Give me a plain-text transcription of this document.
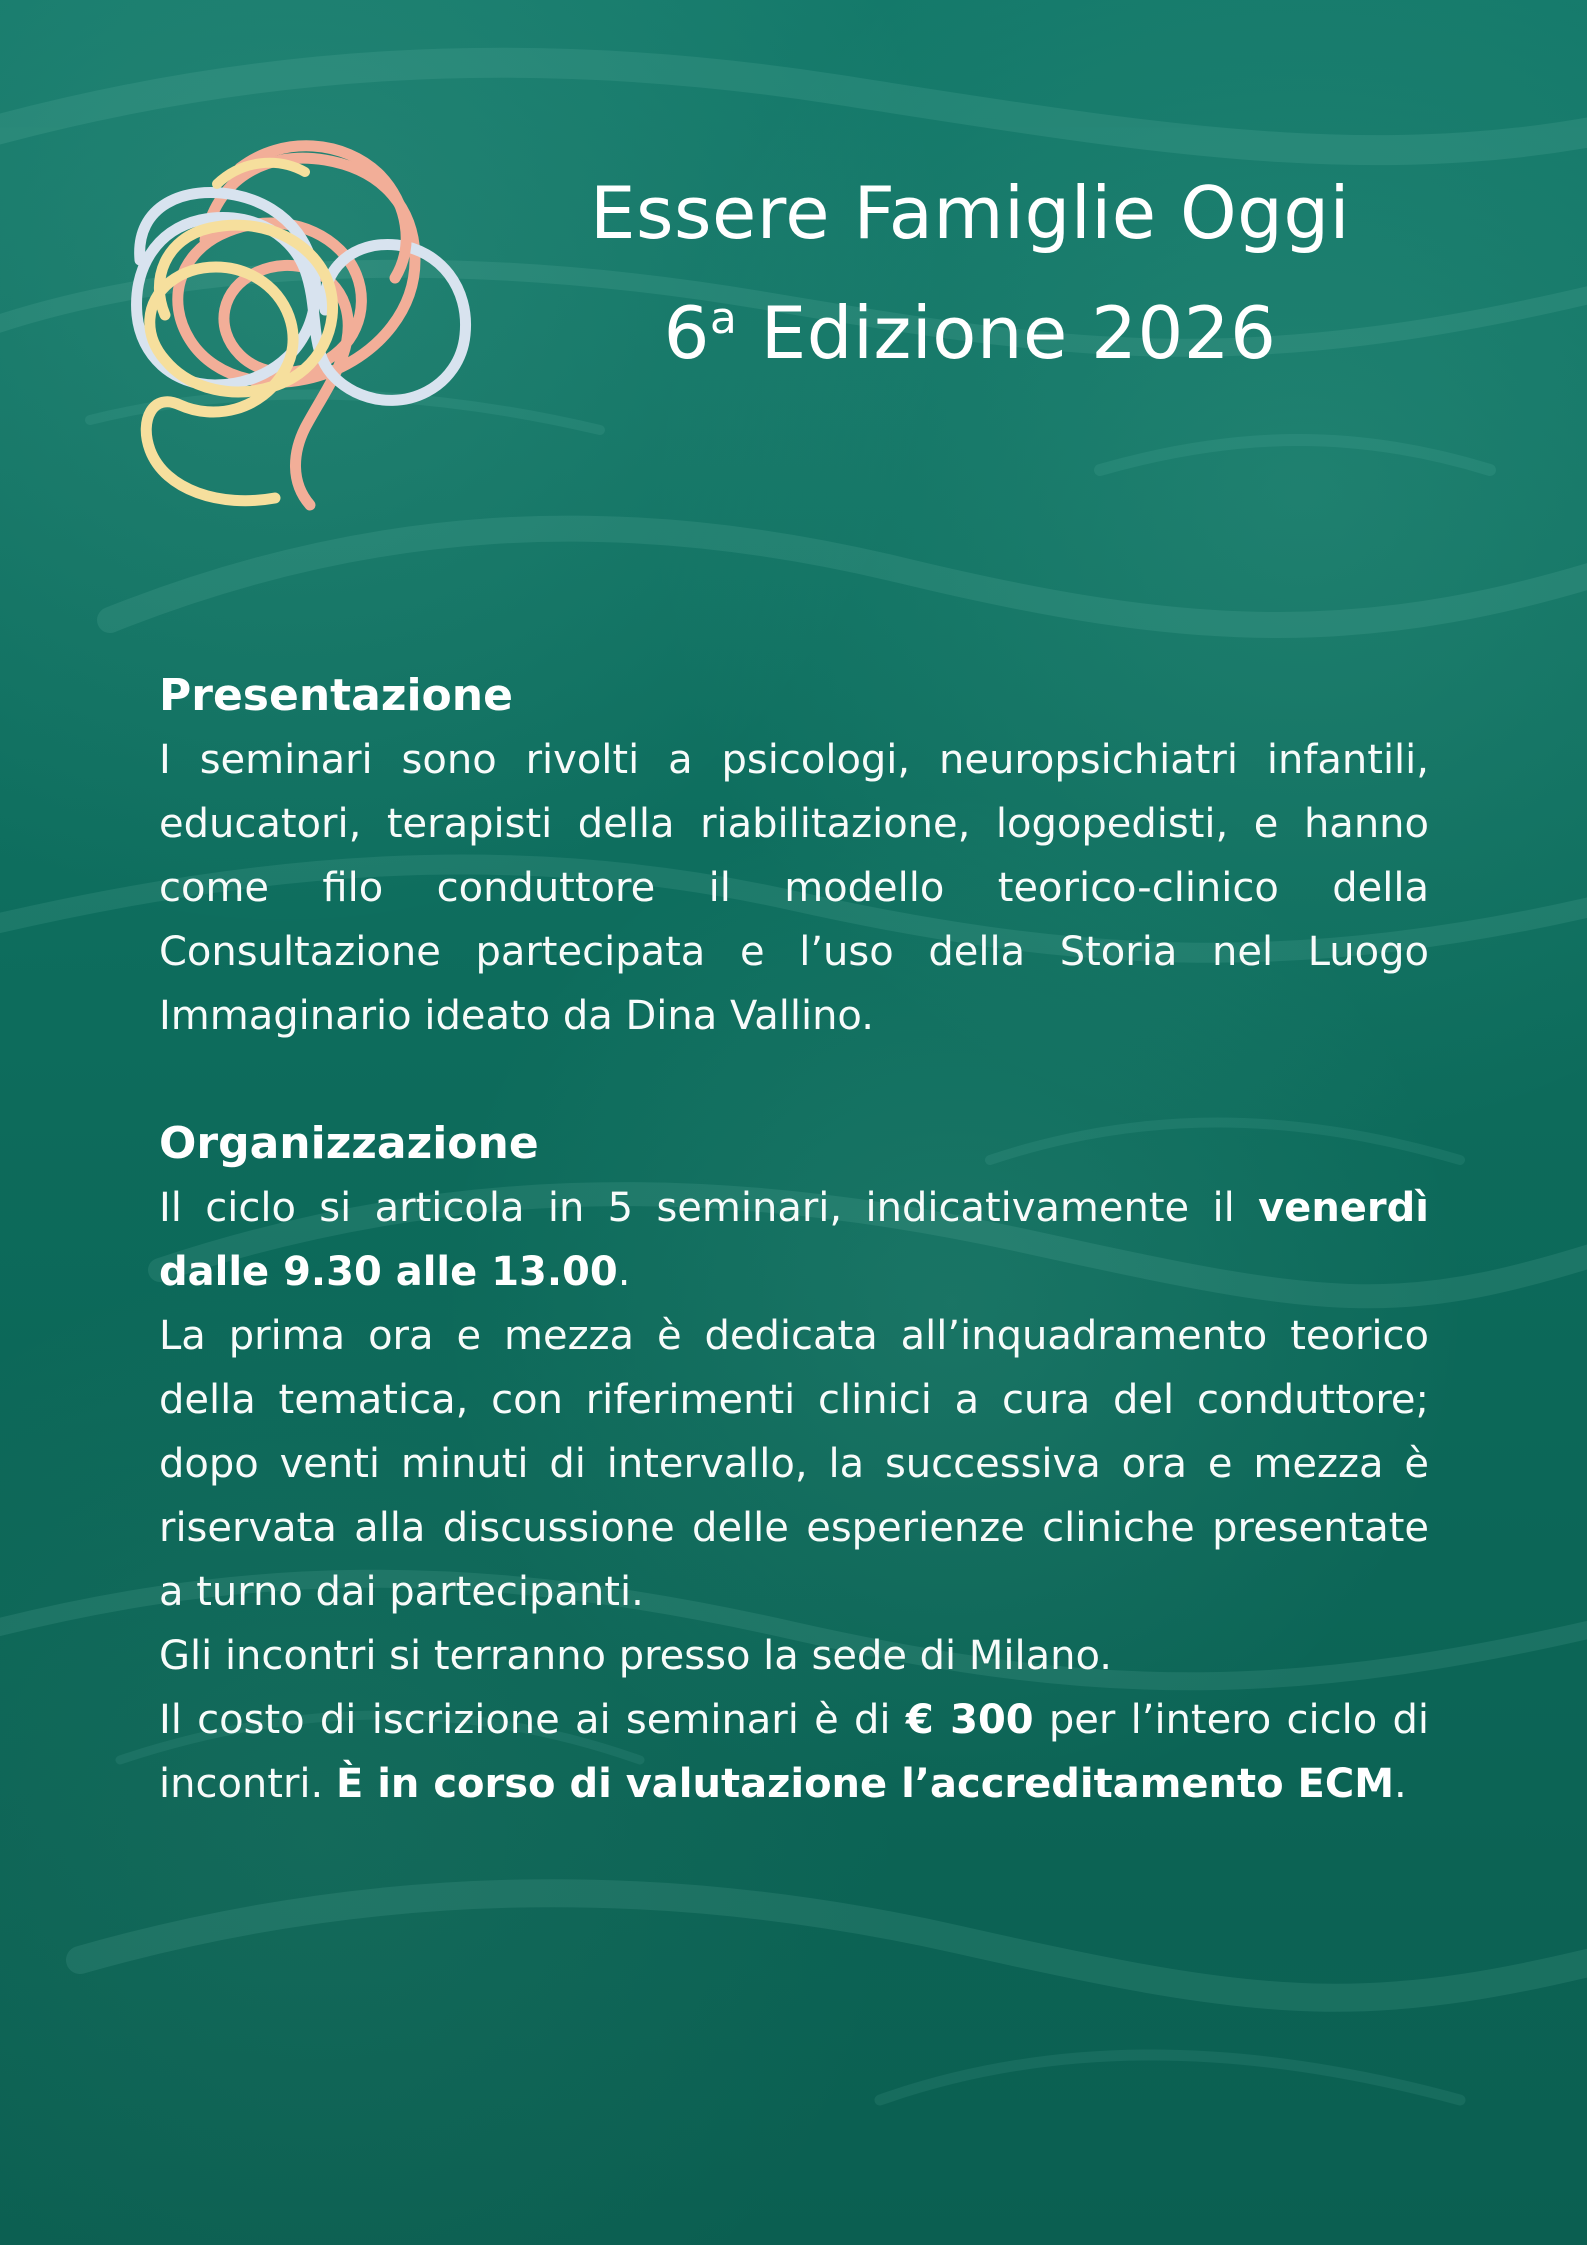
Essere Famiglie Oggi

6$^a$ Edizione 2026

Presentazione

I seminari sono rivolti a psicologi, neuropsichiatri infantili, educatori, terapisti della riabilitazione, logopedisti, e hanno come filo conduttore il modello teorico-clinico della Consultazione partecipata e l’uso della Storia nel Luogo Immaginario ideato da Dina Vallino.

Organizzazione

Il ciclo si articola in 5 seminari, indicativamente il venerdì dalle 9.30 alle 13.00.

La prima ora e mezza è dedicata all’inquadramento teorico della tematica, con riferimenti clinici a cura del conduttore; dopo venti minuti di intervallo, la successiva ora e mezza è riservata alla discussione delle esperienze cliniche presentate a turno dai partecipanti.

Gli incontri si terranno presso la sede di Milano.

Il costo di iscrizione ai seminari è di € 300 per l’intero ciclo di incontri. È in corso di valutazione l’accreditamento ECM.
